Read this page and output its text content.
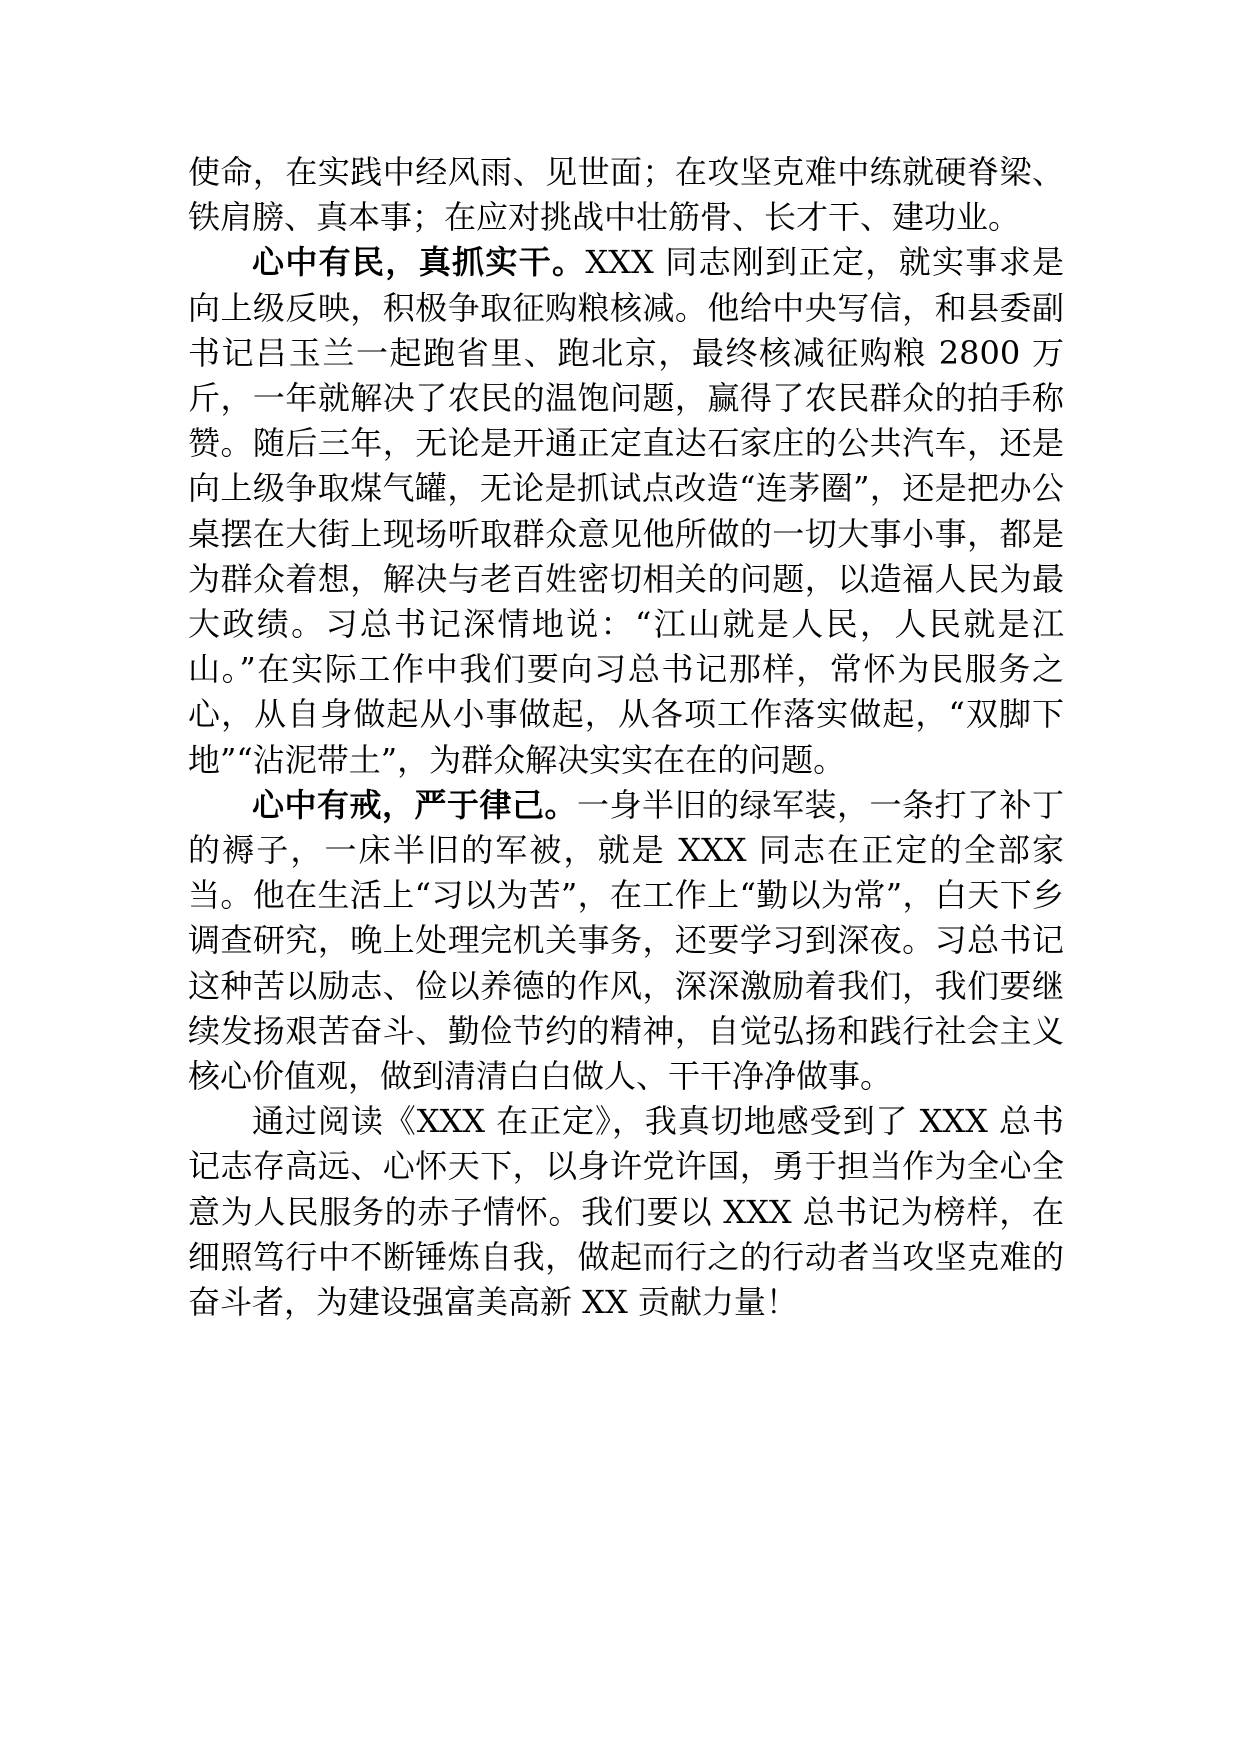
使命，在实践中经风雨、见世面；在攻坚克难中练就硬脊梁、铁肩膀、真本事；在应对挑战中壮筋骨、长才干、建功业。

心中有民，真抓实干。XXX 同志刚到正定，就实事求是向上级反映，积极争取征购粮核减。他给中央写信，和县委副书记吕玉兰一起跑省里、跑北京，最终核减征购粮 2800 万斤，一年就解决了农民的温饱问题，赢得了农民群众的拍手称赞。随后三年，无论是开通正定直达石家庄的公共汽车，还是向上级争取煤气罐，无论是抓试点改造“连茅圈”，还是把办公桌摆在大街上现场听取群众意见他所做的一切大事小事，都是为群众着想，解决与老百姓密切相关的问题，以造福人民为最大政绩。习总书记深情地说：“江山就是人民，人民就是江山。”在实际工作中我们要向习总书记那样，常怀为民服务之心，从自身做起从小事做起，从各项工作落实做起，“双脚下地”“沾泥带土”，为群众解决实实在在的问题。

心中有戒，严于律己。一身半旧的绿军装，一条打了补丁的褥子，一床半旧的军被，就是 XXX 同志在正定的全部家当。他在生活上“习以为苦”，在工作上“勤以为常”，白天下乡调查研究，晚上处理完机关事务，还要学习到深夜。习总书记这种苦以励志、俭以养德的作风，深深激励着我们，我们要继续发扬艰苦奋斗、勤俭节约的精神，自觉弘扬和践行社会主义核心价值观，做到清清白白做人、干干净净做事。

通过阅读《XXX 在正定》，我真切地感受到了 XXX 总书记志存高远、心怀天下，以身许党许国，勇于担当作为全心全意为人民服务的赤子情怀。我们要以 XXX 总书记为榜样，在细照笃行中不断锤炼自我，做起而行之的行动者当攻坚克难的奋斗者，为建设强富美高新 XX 贡献力量！
